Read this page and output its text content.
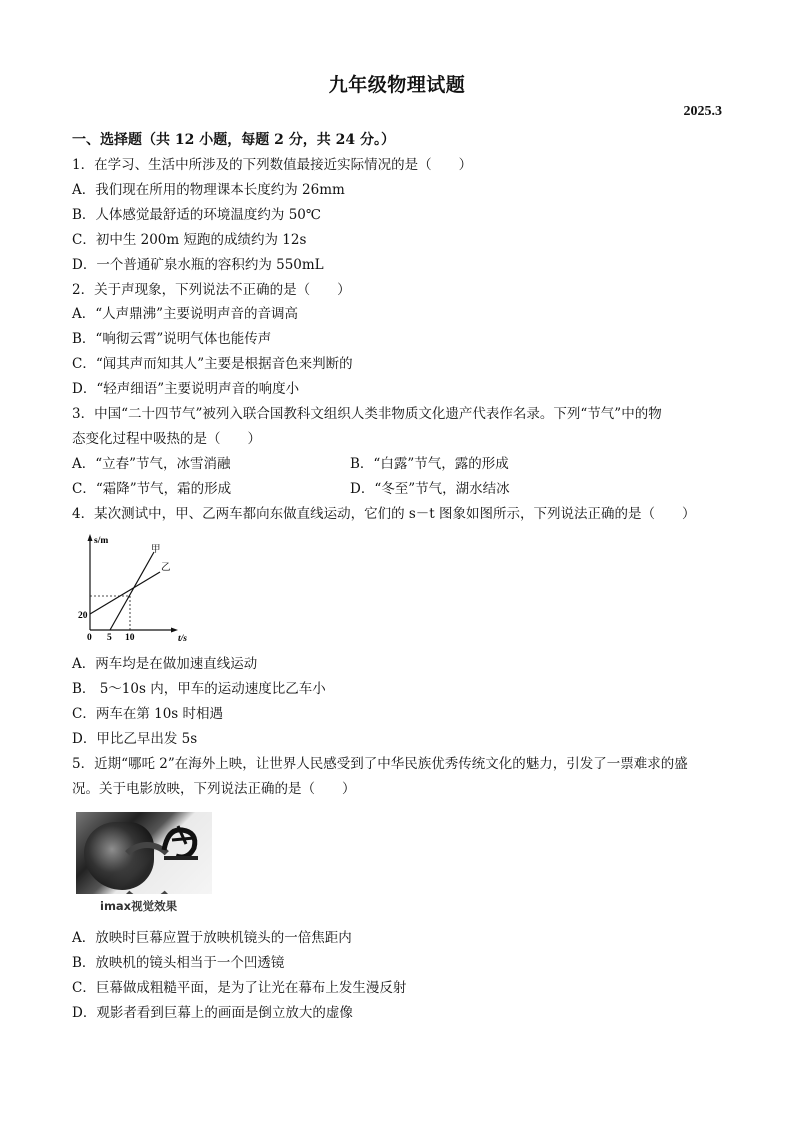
九年级物理试题
2025.3
一、选择题（共 12 小题，每题 2 分，共 24 分。）
1．在学习、生活中所涉及的下列数值最接近实际情况的是（　　）
A．我们现在所用的物理课本长度约为 26mm
B．人体感觉最舒适的环境温度约为 50℃
C．初中生 200m 短跑的成绩约为 12s
D．一个普通矿泉水瓶的容积约为 550mL
2．关于声现象，下列说法不正确的是（　　）
A．“人声鼎沸”主要说明声音的音调高
B．“响彻云霄”说明气体也能传声
C．“闻其声而知其人”主要是根据音色来判断的
D．“轻声细语”主要说明声音的响度小
3．中国“二十四节气”被列入联合国教科文组织人类非物质文化遗产代表作名录。下列“节气”中的物
态变化过程中吸热的是（　　）
A．“立春”节气，冰雪消融	B．“白露”节气，露的形成
C．“霜降”节气，霜的形成	D．“冬至”节气，湖水结冰
4．某次测试中，甲、乙两车都向东做直线运动，它们的 s－t 图象如图所示，下列说法正确的是（　　）
s/m
t/s
20
0 5 10
甲
乙
A．两车均是在做加速直线运动
B． 5～10s 内，甲车的运动速度比乙车小
C．两车在第 10s 时相遇
D．甲比乙早出发 5s
5．近期“哪吒 2”在海外上映，让世界人民感受到了中华民族优秀传统文化的魅力，引发了一票难求的盛
况。关于电影放映，下列说法正确的是（　　）
imax视觉效果
A．放映时巨幕应置于放映机镜头的一倍焦距内
B．放映机的镜头相当于一个凹透镜
C．巨幕做成粗糙平面，是为了让光在幕布上发生漫反射
D．观影者看到巨幕上的画面是倒立放大的虚像
